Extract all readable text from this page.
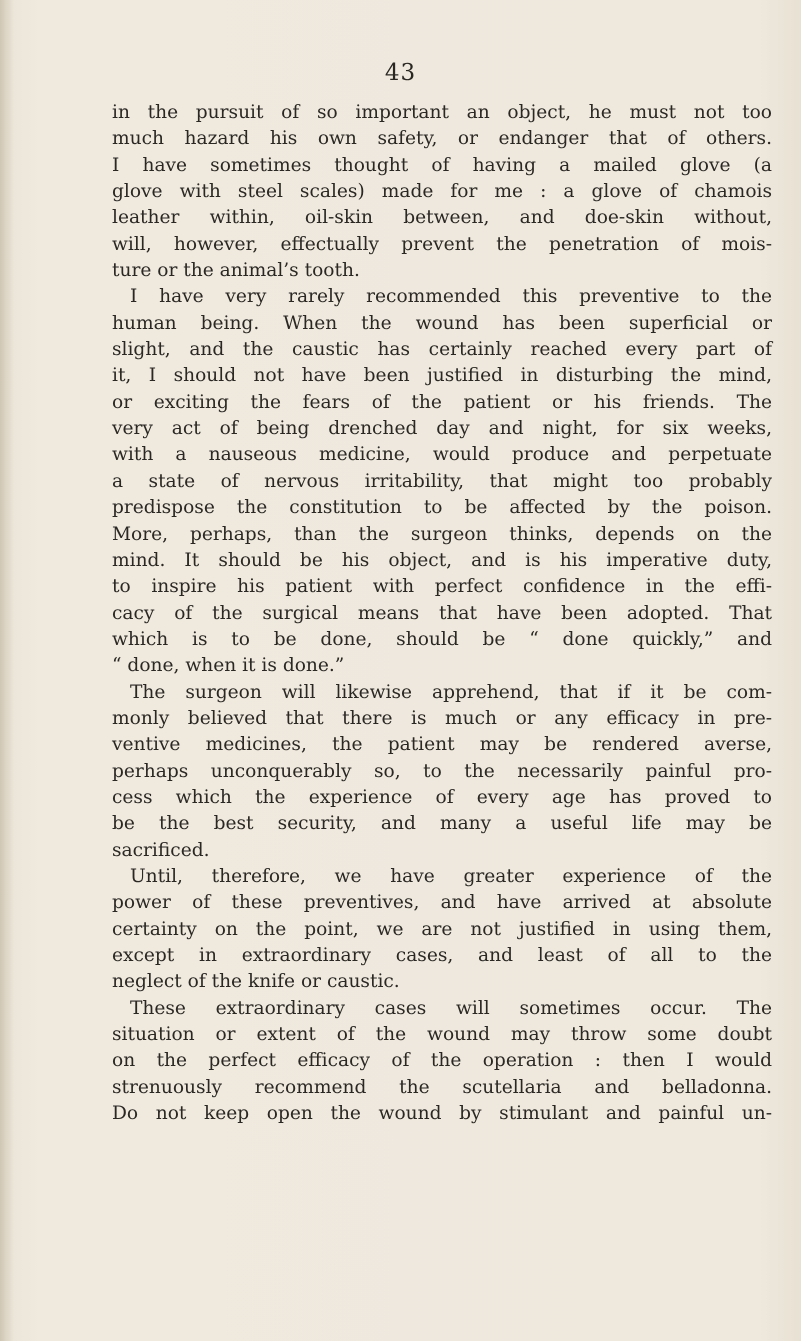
43
in the pursuit of so important an object, he must not too
much hazard his own safety, or endanger that of others.
I have sometimes thought of having a mailed glove (a
glove with steel scales) made for me : a glove of chamois
leather within, oil-skin between, and doe-skin without,
will, however, effectually prevent the penetration of mois-
ture or the animal’s tooth.
I have very rarely recommended this preventive to the
human being. When the wound has been superficial or
slight, and the caustic has certainly reached every part of
it, I should not have been justified in disturbing the mind,
or exciting the fears of the patient or his friends. The
very act of being drenched day and night, for six weeks,
with a nauseous medicine, would produce and perpetuate
a state of nervous irritability, that might too probably
predispose the constitution to be affected by the poison.
More, perhaps, than the surgeon thinks, depends on the
mind. It should be his object, and is his imperative duty,
to inspire his patient with perfect confidence in the effi-
cacy of the surgical means that have been adopted. That
which is to be done, should be “ done quickly,” and
“ done, when it is done.”
The surgeon will likewise apprehend, that if it be com-
monly believed that there is much or any efficacy in pre-
ventive medicines, the patient may be rendered averse,
perhaps unconquerably so, to the necessarily painful pro-
cess which the experience of every age has proved to
be the best security, and many a useful life may be
sacrificed.
Until, therefore, we have greater experience of the
power of these preventives, and have arrived at absolute
certainty on the point, we are not justified in using them,
except in extraordinary cases, and least of all to the
neglect of the knife or caustic.
These extraordinary cases will sometimes occur. The
situation or extent of the wound may throw some doubt
on the perfect efficacy of the operation : then I would
strenuously recommend the scutellaria and belladonna.
Do not keep open the wound by stimulant and painful un-
